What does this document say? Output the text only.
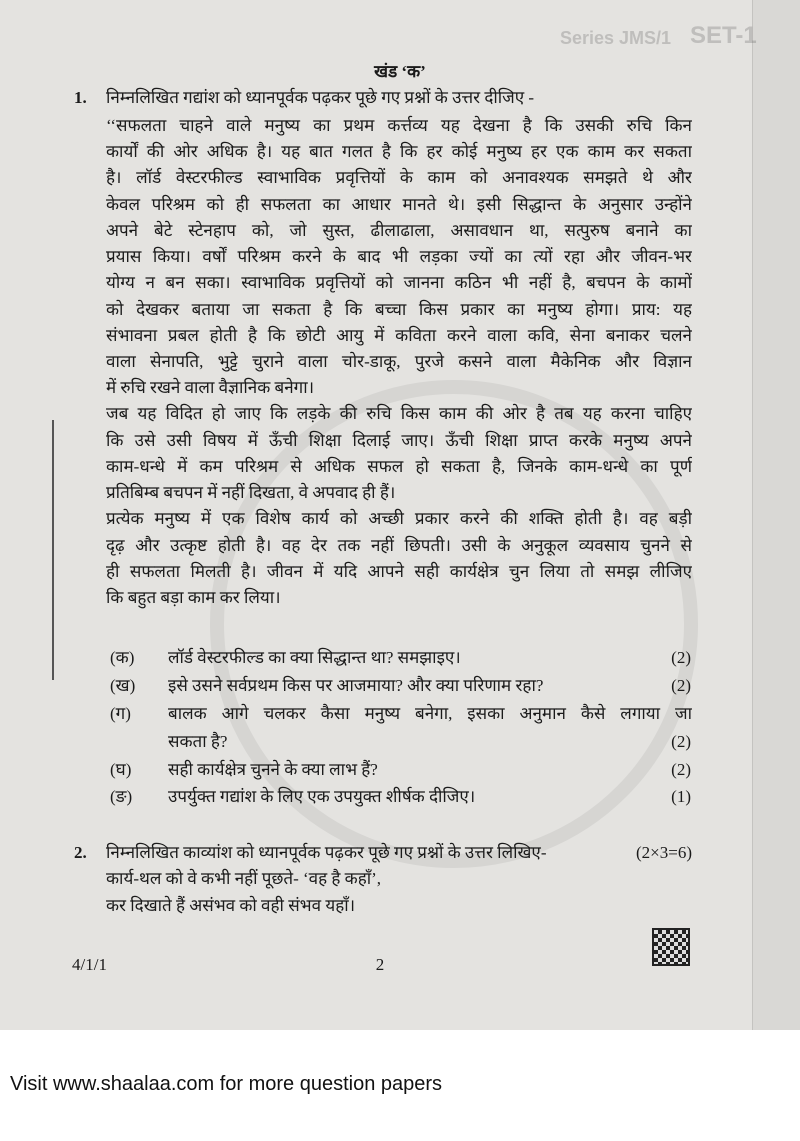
Series JMS/1 SET-1
खंड ‘क’
1. निम्नलिखित गद्यांश को ध्यानपूर्वक पढ़कर पूछे गए प्रश्नों के उत्तर दीजिए -
‘‘सफलता चाहने वाले मनुष्य का प्रथम कर्त्तव्य यह देखना है कि उसकी रुचि किन
कार्यों की ओर अधिक है। यह बात गलत है कि हर कोई मनुष्य हर एक काम कर सकता
है। लॉर्ड वेस्टरफील्ड स्वाभाविक प्रवृत्तियों के काम को अनावश्यक समझते थे और
केवल परिश्रम को ही सफलता का आधार मानते थे। इसी सिद्धान्त के अनुसार उन्होंने
अपने बेटे स्टेनहाप को, जो सुस्त, ढीलाढाला, असावधान था, सत्पुरुष बनाने का
प्रयास किया। वर्षों परिश्रम करने के बाद भी लड़का ज्यों का त्यों रहा और जीवन-भर
योग्य न बन सका। स्वाभाविक प्रवृत्तियों को जानना कठिन भी नहीं है, बचपन के कामों
को देखकर बताया जा सकता है कि बच्चा किस प्रकार का मनुष्य होगा। प्राय: यह
संभावना प्रबल होती है कि छोटी आयु में कविता करने वाला कवि, सेना बनाकर चलने
वाला सेनापति, भुट्टे चुराने वाला चोर-डाकू, पुरजे कसने वाला मैकेनिक और विज्ञान
में रुचि रखने वाला वैज्ञानिक बनेगा।
जब यह विदित हो जाए कि लड़के की रुचि किस काम की ओर है तब यह करना चाहिए
कि उसे उसी विषय में ऊँची शिक्षा दिलाई जाए। ऊँची शिक्षा प्राप्त करके मनुष्य अपने
काम-धन्धे में कम परिश्रम से अधिक सफल हो सकता है, जिनके काम-धन्धे का पूर्ण
प्रतिबिम्ब बचपन में नहीं दिखता, वे अपवाद ही हैं।
प्रत्येक मनुष्य में एक विशेष कार्य को अच्छी प्रकार करने की शक्ति होती है। वह बड़ी
दृढ़ और उत्कृष्ट होती है। वह देर तक नहीं छिपती। उसी के अनुकूल व्यवसाय चुनने से
ही सफलता मिलती है। जीवन में यदि आपने सही कार्यक्षेत्र चुन लिया तो समझ लीजिए
कि बहुत बड़ा काम कर लिया।
(क) लॉर्ड वेस्टरफील्ड का क्या सिद्धान्त था? समझाइए।	(2)
(ख) इसे उसने सर्वप्रथम किस पर आजमाया? और क्या परिणाम रहा?	(2)
(ग) बालक आगे चलकर कैसा मनुष्य बनेगा, इसका अनुमान कैसे लगाया जा
सकता है?	(2)
(घ) सही कार्यक्षेत्र चुनने के क्या लाभ हैं?	(2)
(ङ) उपर्युक्त गद्यांश के लिए एक उपयुक्त शीर्षक दीजिए।	(1)
2. निम्नलिखित काव्यांश को ध्यानपूर्वक पढ़कर पूछे गए प्रश्नों के उत्तर लिखिए-	(2×3=6)
कार्य-थल को वे कभी नहीं पूछते- ‘वह है कहाँ’,
कर दिखाते हैं असंभव को वही संभव यहाँ।
4/1/1	2
Visit www.shaalaa.com for more question papers
